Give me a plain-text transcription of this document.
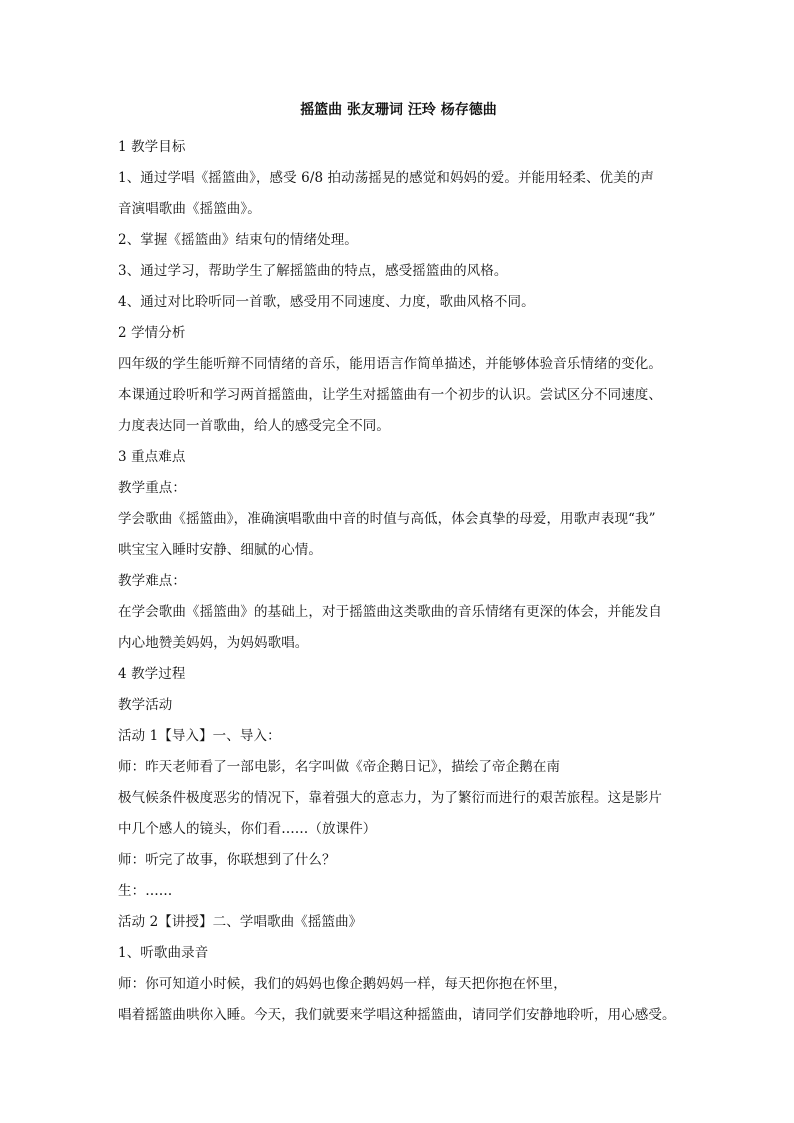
摇篮曲 张友珊词 汪玲 杨存德曲

1 教学目标

1、通过学唱《摇篮曲》，感受 6/8 拍动荡摇晃的感觉和妈妈的爱。并能用轻柔、优美的声

音演唱歌曲《摇篮曲》。

2、掌握《摇篮曲》结束句的情绪处理。

3、通过学习，帮助学生了解摇篮曲的特点，感受摇篮曲的风格。

4、通过对比聆听同一首歌，感受用不同速度、力度，歌曲风格不同。

2 学情分析

四年级的学生能听辩不同情绪的音乐，能用语言作简单描述，并能够体验音乐情绪的变化。

本课通过聆听和学习两首摇篮曲，让学生对摇篮曲有一个初步的认识。尝试区分不同速度、

力度表达同一首歌曲，给人的感受完全不同。

3 重点难点

教学重点：

学会歌曲《摇篮曲》，准确演唱歌曲中音的时值与高低，体会真挚的母爱，用歌声表现“我”

哄宝宝入睡时安静、细腻的心情。

教学难点：

在学会歌曲《摇篮曲》的基础上，对于摇篮曲这类歌曲的音乐情绪有更深的体会，并能发自

内心地赞美妈妈，为妈妈歌唱。

4 教学过程

教学活动

活动 1【导入】一、导入：

师：昨天老师看了一部电影，名字叫做《帝企鹅日记》，描绘了帝企鹅在南

极气候条件极度恶劣的情况下，靠着强大的意志力，为了繁衍而进行的艰苦旅程。这是影片

中几个感人的镜头，你们看……（放课件）

师：听完了故事，你联想到了什么？

生：……

活动 2【讲授】二、学唱歌曲《摇篮曲》

1、听歌曲录音

师：你可知道小时候，我们的妈妈也像企鹅妈妈一样，每天把你抱在怀里，

唱着摇篮曲哄你入睡。今天，我们就要来学唱这种摇篮曲，请同学们安静地聆听，用心感受。
